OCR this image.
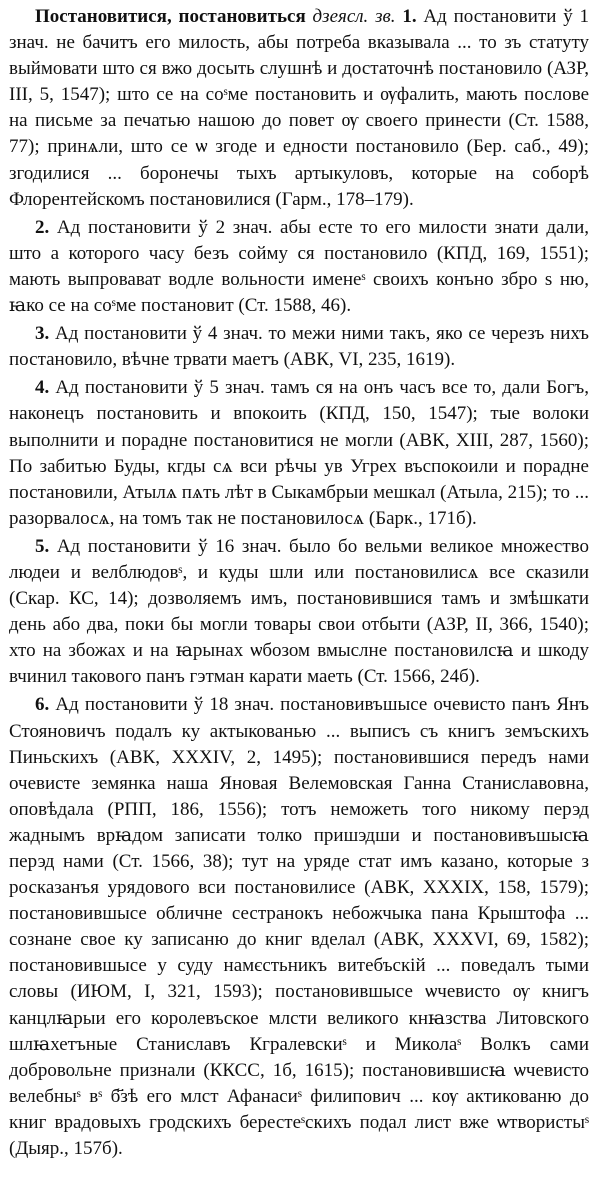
Постановитися, постановиться дзеясл. зв. 1. Ад постановити ў 1 знач. не бачитъ его милость, абы потреба вказывала ... то зъ статуту выймовати што ся вжо досыть слушнѣ и достаточнѣ постановило (АЗР, III, 5, 1547); што се на соˢме постановить и ѹфалить, мають послове на письме за печатью нашою до повет ѹ своего принести (Ст. 1588, 77); принѧли, што се ѡ згоде и едности постановило (Бер. саб., 49); згодилися ... боронечы тыхъ артыкуловъ, которые на соборѣ Флорентейскомъ постановилися (Гарм., 178–179).

2. Ад постановити ў 2 знач. абы есте то его милости знати дали, што а которого часу безъ сойму ся постановило (КПД, 169, 1551); мають выпровават водле вольности именеˢ своихъ конъно збро ѕ ню, ꙗко се на соˢме постановит (Ст. 1588, 46).

3. Ад постановити ў 4 знач. то межи ними такъ, яко се черезъ нихъ постановило, вѣчне трвати маетъ (АВК, VI, 235, 1619).

4. Ад постановити ў 5 знач. тамъ ся на онъ часъ все то, дали Богъ, наконецъ постановить и впокоить (КПД, 150, 1547); тые волоки выполнити и порадне постановитися не могли (АВК, XIII, 287, 1560); По забитью Буды, кгды сѧ вси рѣчы ув Угрех въспокоили и порадне постановили, Атылѧ пѧть лѣт в Сыкамбрыи мешкал (Атыла, 215); то ... разорвалосѧ, на томъ так не постановилосѧ (Барк., 171б).

5. Ад постановити ў 16 знач. было бо вельми великое множество людеи и велблюдовˢ, и куды шли или постановилисѧ все сказили (Скар. КС, 14); дозволяемъ имъ, постановившися тамъ и змѣшкати день або два, поки бы могли товары свои отбыти (АЗР, II, 366, 1540); хто на збожах и на ꙗрынах ѡбозом вмыслне постановилсꙗ и шкоду вчинил такового панъ гэтман карати маеть (Ст. 1566, 24б).

6. Ад постановити ў 18 знач. постановивъшысе очевисто панъ Янъ Стояновичъ подалъ ку актыкованью ... выписъ съ книгъ земъскихъ Пиньскихъ (АВК, XXXIV, 2, 1495); постановившися передъ нами очевисте земянка наша Яновая Велемовская Ганна Станиславовна, оповѣдала (РПП, 186, 1556); тотъ неможеть того никому перэд жаднымъ врꙗдом записати толко пришэдши и постановивъшысꙗ перэд нами (Ст. 1566, 38); тут на уряде стат имъ казано, которые з росказанъя урядового вси постановилисе (АВК, XXXIX, 158, 1579); постановившысе обличне сестранокъ небожчыка пана Крыштофа ... сознане свое ку записаню до книг вделал (АВК, XXXVI, 69, 1582); постановившысе у суду намєстьникъ витебъскій ... поведалъ тыми словы (ИЮМ, I, 321, 1593); постановившысе ѡчевисто ѹ книгъ канцлꙗрыи его королевъское млсти великого кнꙗзства Литовского шлꙗхетъные Станиславъ Кгралевскиˢ и Миколаˢ Волкъ сами добровольне признали (ККСС, 1б, 1615); постановившисꙗ ѡчевисто велебныˢ вˢ б҃зѣ его млст Афанасиˢ филипович ... кѹ актикованю до книг врадовыхъ гродскихъ берестеˢскихъ подал лист вже ѡтвористыˢ (Дыяр., 157б).
